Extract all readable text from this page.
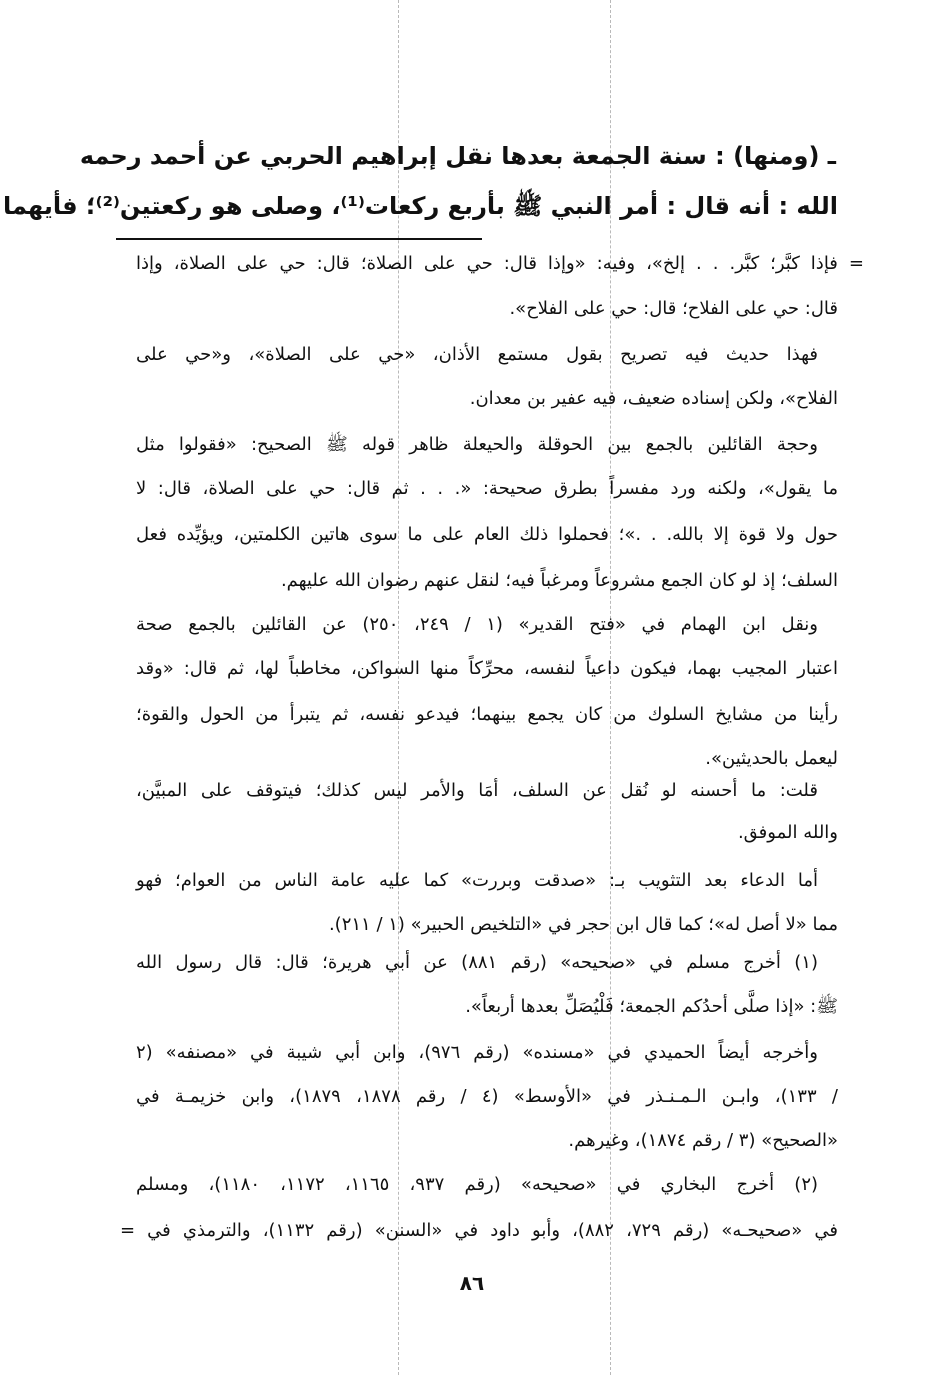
ـ (ومنها) : سنة الجمعة بعدها نقل إبراهيم الحربي عن أحمد رحمه
الله : أنه قال : أمر النبي ﷺ بأربع ركعات⁽¹⁾، وصلى هو ركعتين⁽²⁾؛ فأيهما
= فإذا كبَّر؛ كبَّر. . . إلخ»، وفيه: «وإذا قال: حي على الصلاة؛ قال: حي على الصلاة، وإذا
قال: حي على الفلاح؛ قال: حي على الفلاح».
فهذا حديث فيه تصريح بقول مستمع الأذان، «حي على الصلاة»، و«حي على
الفلاح»، ولكن إسناده ضعيف، فيه عفير بن معدان.
وحجة القائلين بالجمع بين الحوقلة والحيعلة ظاهر قوله ﷺ الصحيح: «فقولوا مثل
ما يقول»، ولكنه ورد مفسراً بطرق صحيحة: «. . . ثم قال: حي على الصلاة، قال: لا
حول ولا قوة إلا بالله. . .»؛ فحملوا ذلك العام على ما سوى هاتين الكلمتين، ويؤيِّده فعل
السلف؛ إذ لو كان الجمع مشروعاً ومرغباً فيه؛ لنقل عنهم رضوان الله عليهم.
ونقل ابن الهمام في «فتح القدير» (١ / ٢٤٩، ٢٥٠) عن القائلين بالجمع صحة
اعتبار المجيب بهما، فيكون داعياً لنفسه، محرِّكاً منها السواكن، مخاطباً لها، ثم قال: «وقد
رأينا من مشايخ السلوك من كان يجمع بينهما؛ فيدعو نفسه، ثم يتبرأ من الحول والقوة؛
ليعمل بالحديثين».
قلت: ما أحسنه لو نُقل عن السلف، أمَا والأمر ليس كذلك؛ فيتوقف على المبيَّن،
والله الموفق.
أما الدعاء بعد التثويب بـ: «صدقت وبررت» كما عليه عامة الناس من العوام؛ فهو
مما «لا أصل له»؛ كما قال ابن حجر في «التلخيص الحبير» (١ / ٢١١).
(١) أخرج مسلم في «صحيحه» (رقم ٨٨١) عن أبي هريرة؛ قال: قال رسول الله
ﷺ: «إذا صلَّى أحدُكم الجمعة؛ فَلْيُصَلِّ بعدها أربعاً».
وأخرجه أيضاً الحميدي في «مسنده» (رقم ٩٧٦)، وابن أبي شيبة في «مصنفه» (٢
/ ١٣٣)، وابـن الـمـنـذر في «الأوسط» (٤ / رقم ١٨٧٨، ١٨٧٩)، وابن خزيمـة في
«الصحيح» (٣ / رقم ١٨٧٤)، وغيرهم.
(٢) أخرج البخاري في «صحيحه» (رقم ٩٣٧، ١١٦٥، ١١٧٢، ١١٨٠)، ومسلم
في «صحيحـه» (رقم ٧٢٩، ٨٨٢)، وأبو داود في «السنن» (رقم ١١٣٢)، والترمذي في =
٨٦
